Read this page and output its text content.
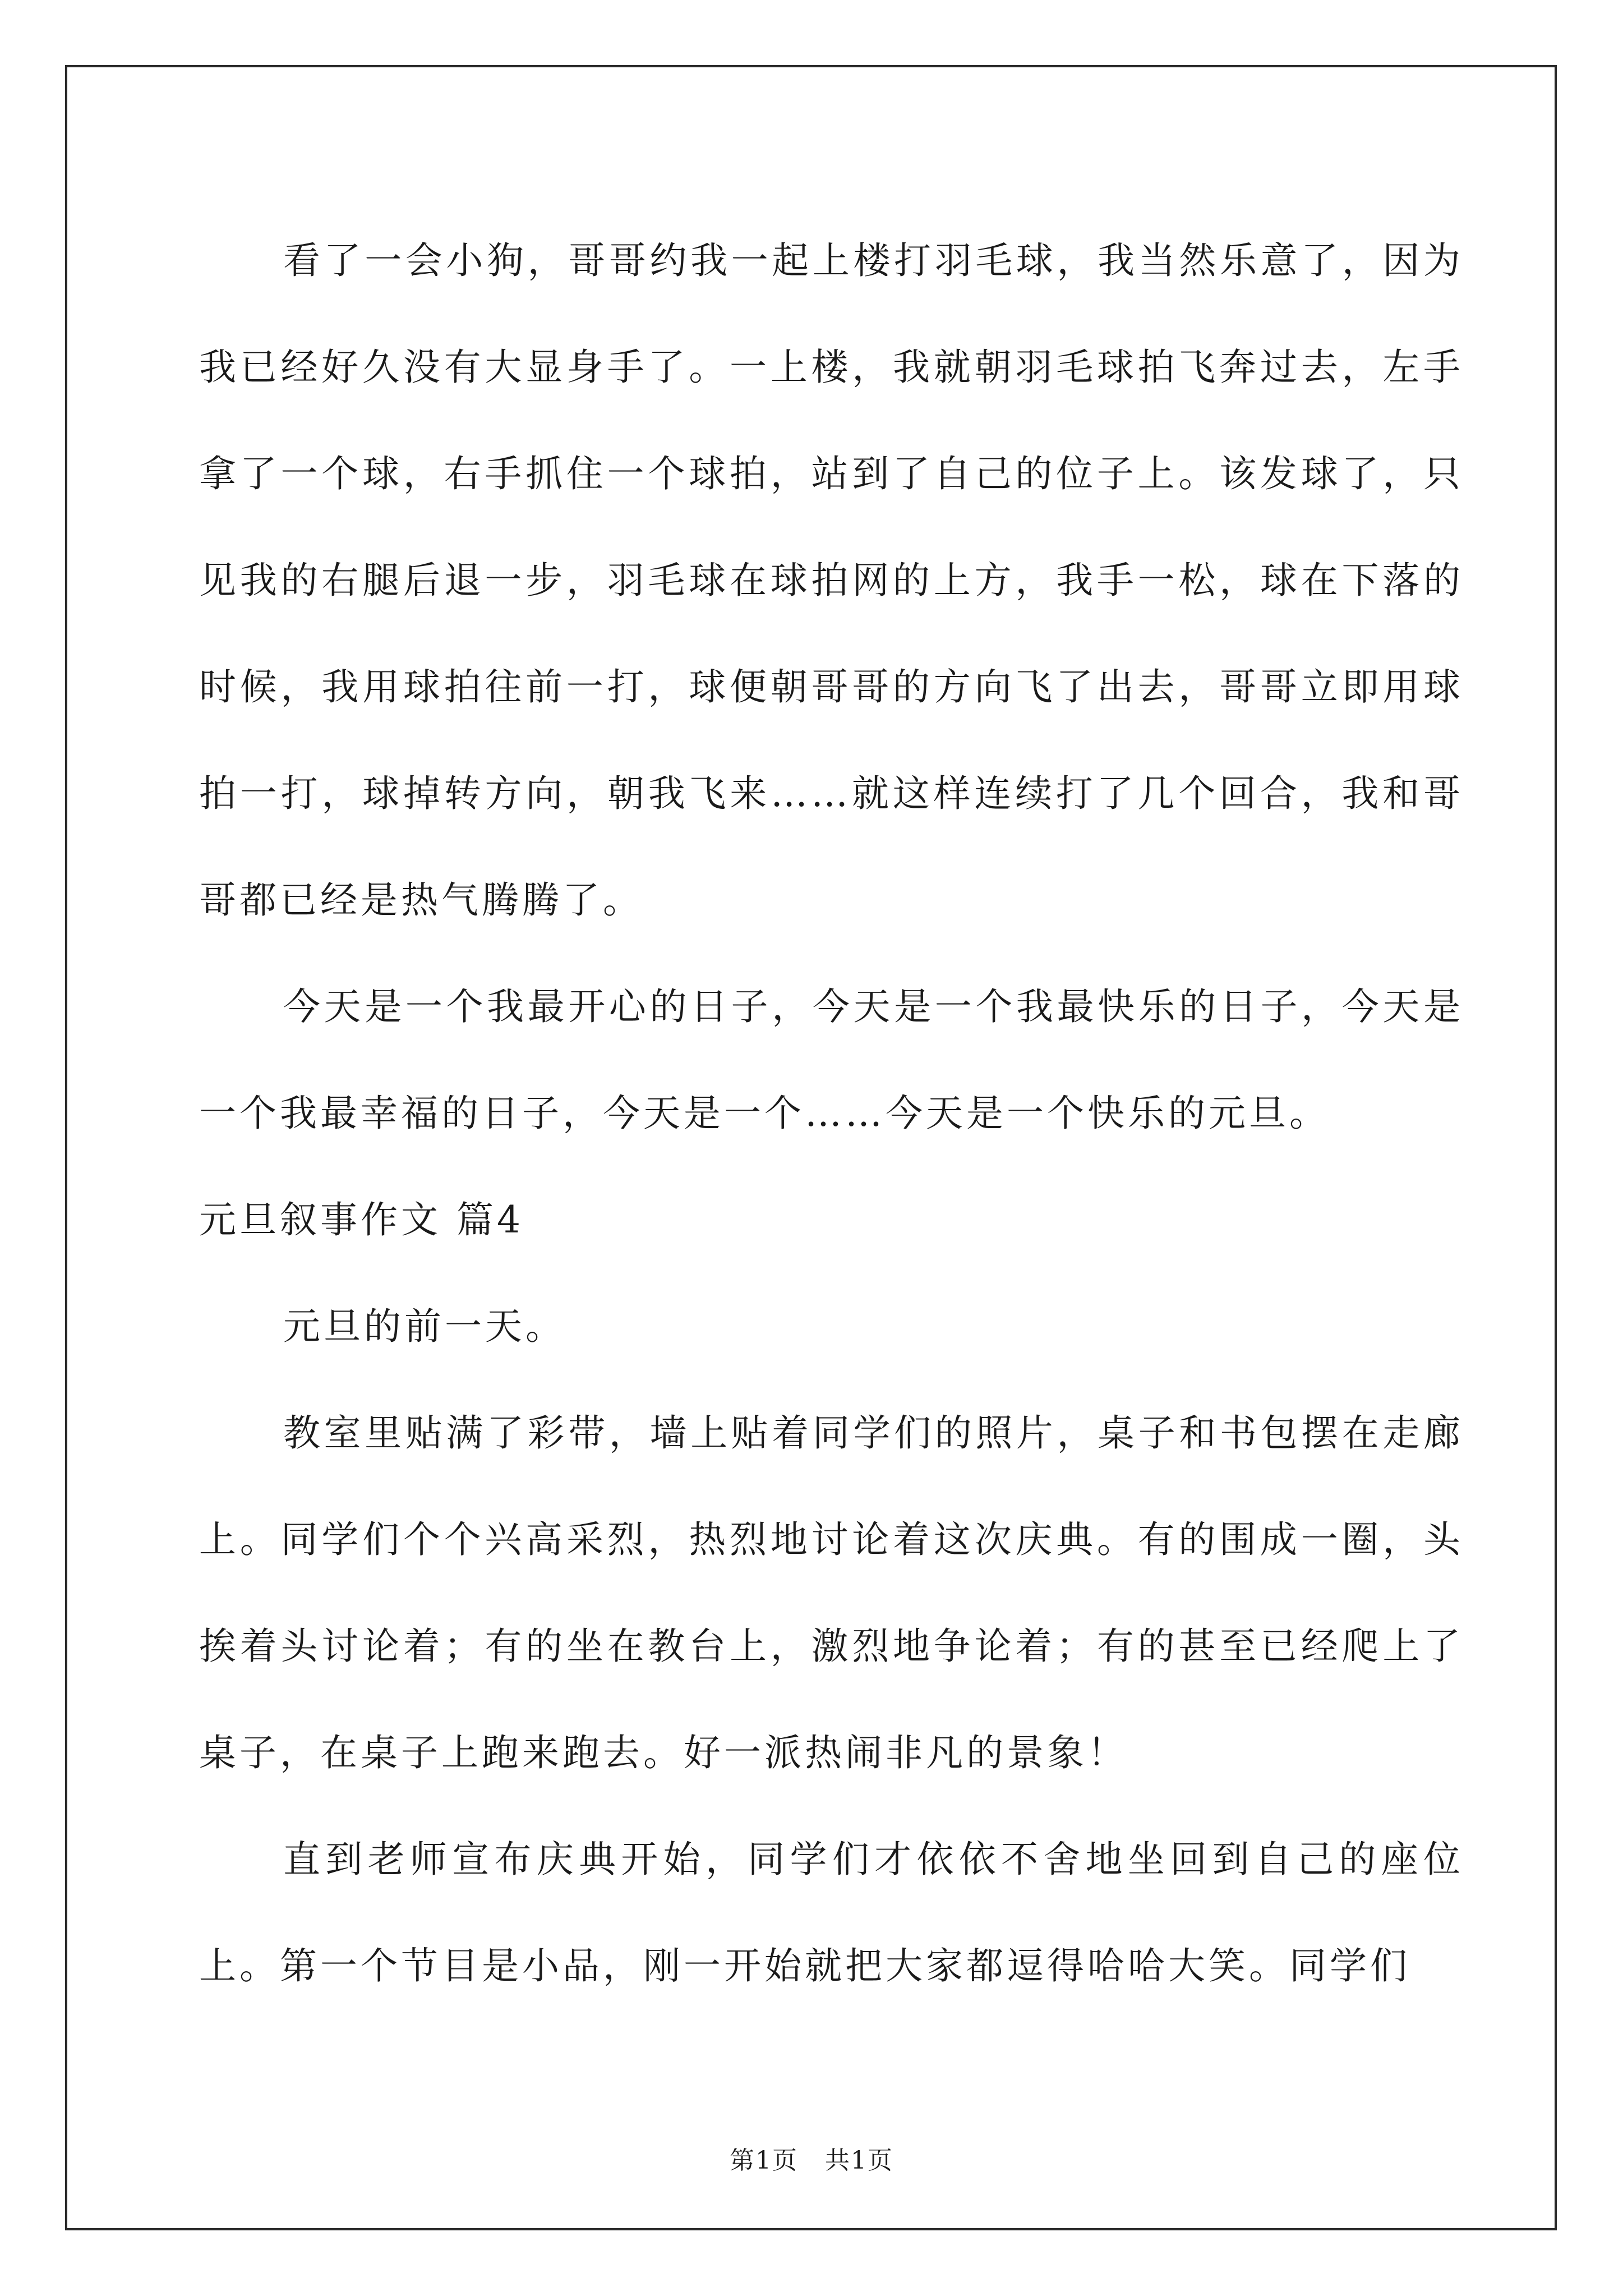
看了一会小狗，哥哥约我一起上楼打羽毛球，我当然乐意了，因为我已经好久没有大显身手了。一上楼，我就朝羽毛球拍飞奔过去，左手拿了一个球，右手抓住一个球拍，站到了自己的位子上。该发球了，只见我的右腿后退一步，羽毛球在球拍网的上方，我手一松，球在下落的时候，我用球拍往前一打，球便朝哥哥的方向飞了出去，哥哥立即用球拍一打，球掉转方向，朝我飞来……就这样连续打了几个回合，我和哥哥都已经是热气腾腾了。

今天是一个我最开心的日子，今天是一个我最快乐的日子，今天是一个我最幸福的日子，今天是一个……今天是一个快乐的元旦。

元旦叙事作文 篇4

元旦的前一天。

教室里贴满了彩带，墙上贴着同学们的照片，桌子和书包摆在走廊上。同学们个个兴高采烈，热烈地讨论着这次庆典。有的围成一圈，头挨着头讨论着；有的坐在教台上，激烈地争论着；有的甚至已经爬上了桌子，在桌子上跑来跑去。好一派热闹非凡的景象！

直到老师宣布庆典开始，同学们才依依不舍地坐回到自己的座位上。第一个节目是小品，刚一开始就把大家都逗得哈哈大笑。同学们

第1页 共1页
